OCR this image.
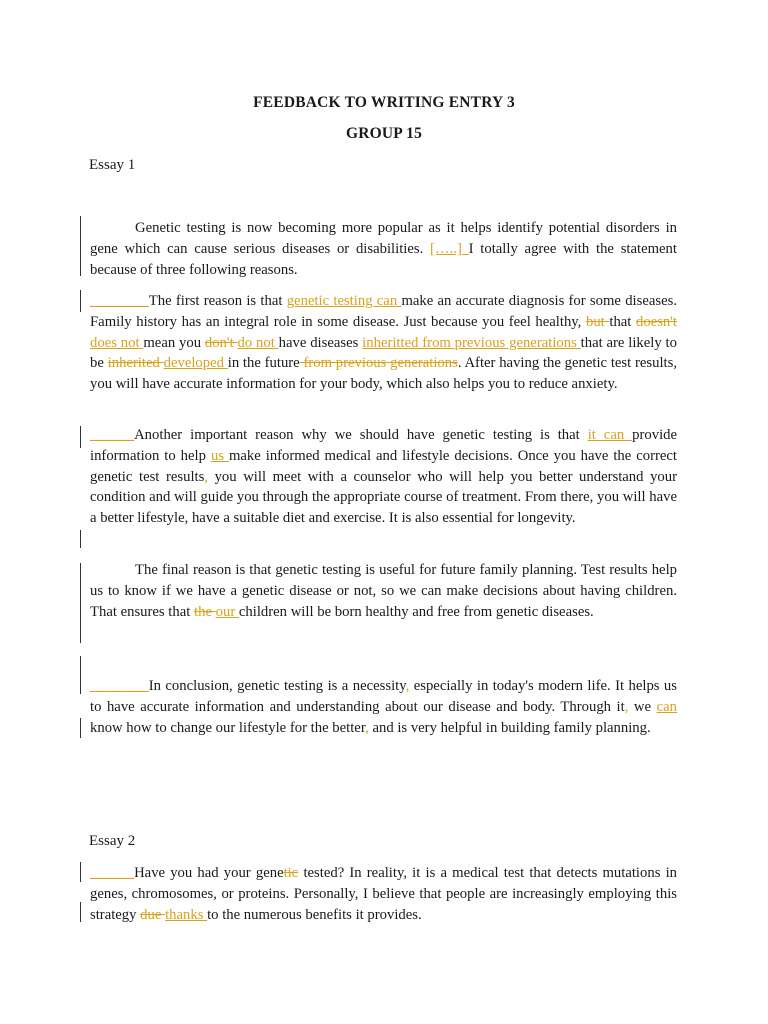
FEEDBACK TO WRITING ENTRY 3
GROUP 15
Essay 1
Genetic testing is now becoming more popular as it helps identify potential disorders in gene which can cause serious diseases or disabilities. […..] I totally agree with the statement because of three following reasons.
________The first reason is that genetic testing can make an accurate diagnosis for some diseases. Family history has an integral role in some disease. Just because you feel healthy, but that doesn't does not mean you don't do not have diseases inheritted from previous generations that are likely to be inherited developed in the future from previous generations. After having the genetic test results, you will have accurate information for your body, which also helps you to reduce anxiety.
______Another important reason why we should have genetic testing is that it can provide information to help us make informed medical and lifestyle decisions. Once you have the correct genetic test results, you will meet with a counselor who will help you better understand your condition and will guide you through the appropriate course of treatment. From there, you will have a better lifestyle, have a suitable diet and exercise. It is also essential for longevity.
The final reason is that genetic testing is useful for future family planning. Test results help us to know if we have a genetic disease or not, so we can make decisions about having children. That ensures that the our children will be born healthy and free from genetic diseases.
________In conclusion, genetic testing is a necessity, especially in today's modern life. It helps us to have accurate information and understanding about our disease and body. Through it, we can know how to change our lifestyle for the better, and is very helpful in building family planning.
Essay 2
______Have you had your genetic tested? In reality, it is a medical test that detects mutations in genes, chromosomes, or proteins. Personally, I believe that people are increasingly employing this strategy due thanks to the numerous benefits it provides.
